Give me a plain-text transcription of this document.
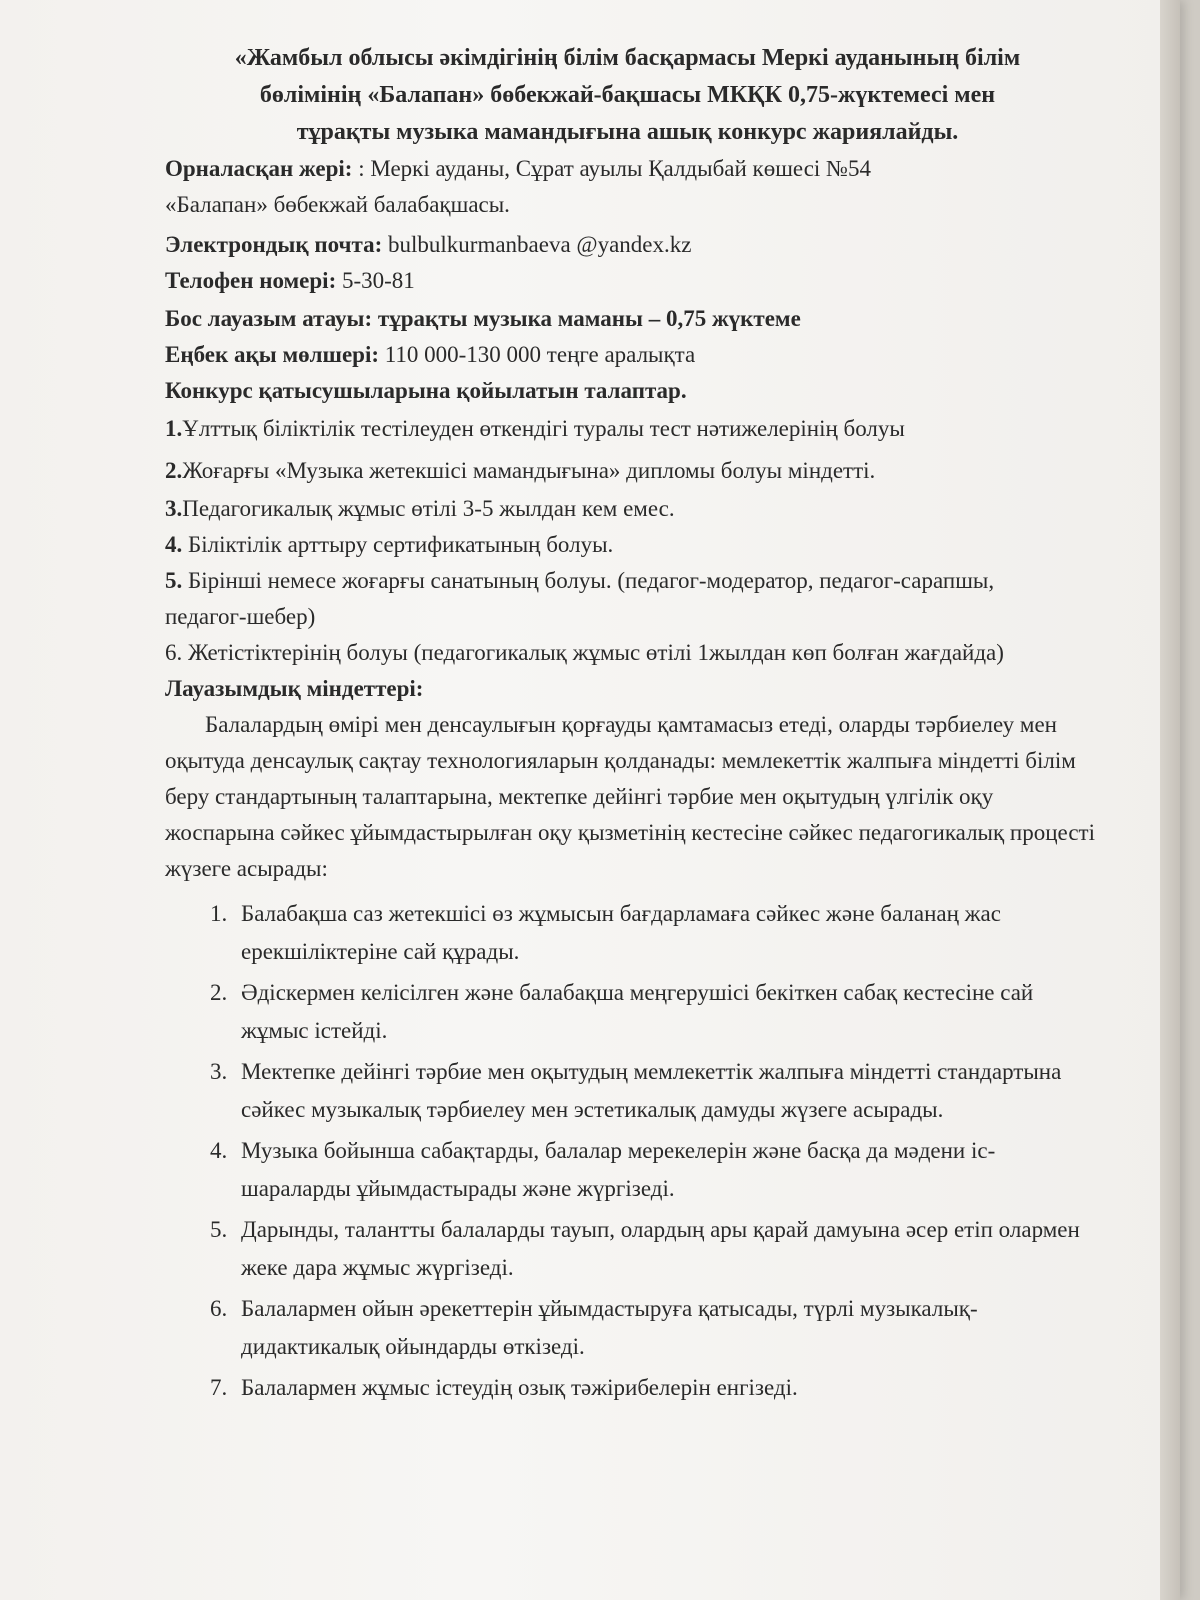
«Жамбыл облысы әкімдігінің білім басқармасы Меркі ауданының білім
бөлімінің «Балапан» бөбекжай-бақшасы МКҚК 0,75-жүктемесі мен
тұрақты музыка мамандығына ашық конкурс жариялайды.
Орналасқан жері: : Меркі ауданы, Сұрат ауылы Қалдыбай көшесі №54
«Балапан» бөбекжай балабақшасы.
Электрондық почта: bulbulkurmanbaeva @yandex.kz
Телофен номері: 5-30-81
Бос лауазым атауы: тұрақты музыка маманы – 0,75 жүктеме
Еңбек ақы мөлшері: 110 000-130 000 теңге аралықта
Конкурс қатысушыларына қойылатын талаптар.
1.Ұлттық біліктілік тестілеуден өткендігі туралы тест нәтижелерінің болуы
2.Жоғарғы «Музыка жетекшісі мамандығына» дипломы болуы міндетті.
3.Педагогикалық жұмыс өтілі 3-5 жылдан кем емес.
4. Біліктілік арттыру сертификатының болуы.
5. Бірінші немесе жоғарғы санатының болуы. (педагог-модератор, педагог-сарапшы, педагог-шебер)
6. Жетістіктерінің болуы (педагогикалық жұмыс өтілі 1жылдан көп болған жағдайда)
Лауазымдық міндеттері:

Балалардың өмірі мен денсаулығын қорғауды қамтамасыз етеді, оларды тәрбиелеу мен оқытуда денсаулық сақтау технологияларын қолданады: мемлекеттік жалпыға міндетті білім беру стандартының талаптарына, мектепке дейінгі тәрбие мен оқытудың үлгілік оқу жоспарына сәйкес ұйымдастырылған оқу қызметінің кестесіне сәйкес педагогикалық процесті жүзеге асырады:

1. Балабақша саз жетекшісі өз жұмысын бағдарламаға сәйкес және баланаң жас ерекшіліктеріне сай құрады.
2. Әдіскермен келісілген және балабақша меңгерушісі бекіткен сабақ кестесіне сай жұмыс істейді.
3. Мектепке дейінгі тәрбие мен оқытудың мемлекеттік жалпыға міндетті стандартына сәйкес музыкалық тәрбиелеу мен эстетикалық дамуды жүзеге асырады.
4. Музыка бойынша сабақтарды, балалар мерекелерін және басқа да мәдени іс-шараларды ұйымдастырады және жүргізеді.
5. Дарынды, талантты балаларды тауып, олардың ары қарай дамуына әсер етіп олармен жеке дара жұмыс жүргізеді.
6. Балалармен ойын әрекеттерін ұйымдастыруға қатысады, түрлі музыкалық-дидактикалық ойындарды өткізеді.
7. Балалармен жұмыс істеудің озық тәжірибелерін енгізеді.
